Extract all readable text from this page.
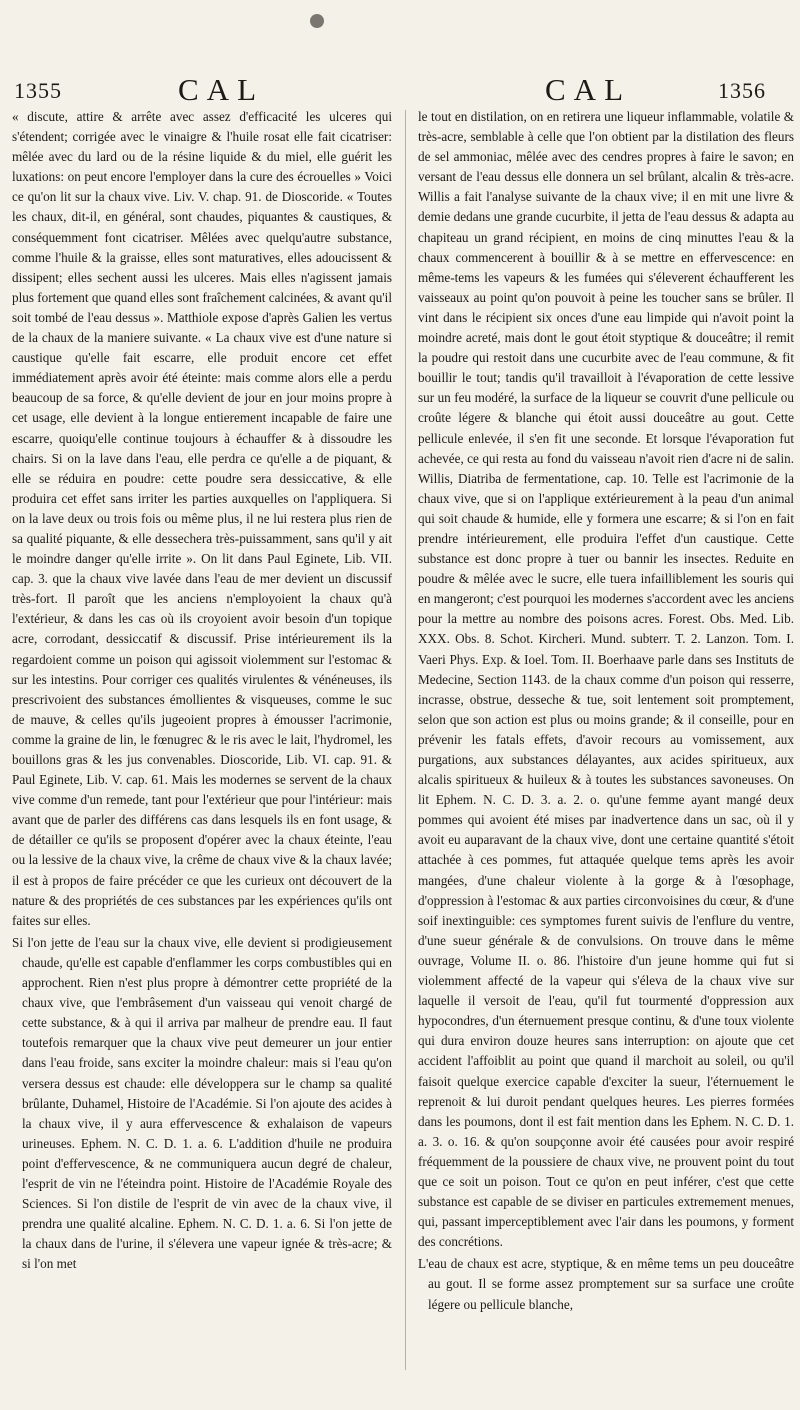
1355	CAL	CAL	1356

« discute, attire & arrête avec assez d'efficacité les ulceres qui s'étendent; corrigée avec le vinaigre & l'huile rosat elle fait cicatriser: mêlée avec du lard ou de la résine liquide & du miel, elle guérit les luxations: on peut encore l'employer dans la cure des écrouelles » Voici ce qu'on lit sur la chaux vive. Liv. V. chap. 91. de Dioscoride. « Toutes les chaux, dit-il, en général, sont chaudes, piquantes & caustiques, & conséquemment font cicatriser. Mêlées avec quelqu'autre substance, comme l'huile & la graisse, elles sont maturatives, elles adoucissent & dissipent; elles sechent aussi les ulceres. Mais elles n'agissent jamais plus fortement que quand elles sont fraîchement calcinées, & avant qu'il soit tombé de l'eau dessus ». Matthiole expose d'après Galien les vertus de la chaux de la maniere suivante. « La chaux vive est d'une nature si caustique qu'elle fait escarre, elle produit encore cet effet immédiatement après avoir été éteinte: mais comme alors elle a perdu beaucoup de sa force, & qu'elle devient de jour en jour moins propre à cet usage, elle devient à la longue entierement incapable de faire une escarre, quoiqu'elle continue toujours à échauffer & à dissoudre les chairs. Si on la lave dans l'eau, elle perdra ce qu'elle a de piquant, & elle se réduira en poudre: cette poudre sera dessiccative, & elle produira cet effet sans irriter les parties auxquelles on l'appliquera. Si on la lave deux ou trois fois ou même plus, il ne lui restera plus rien de sa qualité piquante, & elle dessechera très-puissamment, sans qu'il y ait le moindre danger qu'elle irrite ». On lit dans Paul Eginete, Lib. VII. cap. 3. que la chaux vive lavée dans l'eau de mer devient un discussif très-fort. Il paroît que les anciens n'employoient la chaux qu'à l'extérieur, & dans les cas où ils croyoient avoir besoin d'un topique acre, corrodant, dessiccatif & discussif. Prise intérieurement ils la regardoient comme un poison qui agissoit violemment sur l'estomac & sur les intestins. Pour corriger ces qualités virulentes & vénéneuses, ils prescrivoient des substances émollientes & visqueuses, comme le suc de mauve, & celles qu'ils jugeoient propres à émousser l'acrimonie, comme la graine de lin, le fœnugrec & le ris avec le lait, l'hydromel, les bouillons gras & les jus convenables. Dioscoride, Lib. VI. cap. 91. & Paul Eginete, Lib. V. cap. 61. Mais les modernes se servent de la chaux vive comme d'un remede, tant pour l'extérieur que pour l'intérieur: mais avant que de parler des différens cas dans lesquels ils en font usage, & de détailler ce qu'ils se proposent d'opérer avec la chaux éteinte, l'eau ou la lessive de la chaux vive, la crême de chaux vive & la chaux lavée; il est à propos de faire précéder ce que les curieux ont découvert de la nature & des propriétés de ces substances par les expériences qu'ils ont faites sur elles.

Si l'on jette de l'eau sur la chaux vive, elle devient si prodigieusement chaude, qu'elle est capable d'enflammer les corps combustibles qui en approchent. Rien n'est plus propre à démontrer cette propriété de la chaux vive, que l'embrâsement d'un vaisseau qui venoit chargé de cette substance, & à qui il arriva par malheur de prendre eau. Il faut toutefois remarquer que la chaux vive peut demeurer un jour entier dans l'eau froide, sans exciter la moindre chaleur: mais si l'eau qu'on versera dessus est chaude: elle développera sur le champ sa qualité brûlante, Duhamel, Histoire de l'Académie. Si l'on ajoute des acides à la chaux vive, il y aura effervescence & exhalaison de vapeurs urineuses. Ephem. N. C. D. 1. a. 6. L'addition d'huile ne produira point d'effervescence, & ne communiquera aucun degré de chaleur, l'esprit de vin ne l'éteindra point. Histoire de l'Académie Royale des Sciences. Si l'on distile de l'esprit de vin avec de la chaux vive, il prendra une qualité alcaline. Ephem. N. C. D. 1. a. 6. Si l'on jette de la chaux dans de l'urine, il s'élevera une vapeur ignée & très-acre; & si l'on met

le tout en distilation, on en retirera une liqueur inflammable, volatile & très-acre, semblable à celle que l'on obtient par la distilation des fleurs de sel ammoniac, mêlée avec des cendres propres à faire le savon; en versant de l'eau dessus elle donnera un sel brûlant, alcalin & très-acre. Willis a fait l'analyse suivante de la chaux vive; il en mit une livre & demie dedans une grande cucurbite, il jetta de l'eau dessus & adapta au chapiteau un grand récipient, en moins de cinq minuttes l'eau & la chaux commencerent à bouillir & à se mettre en effervescence: en même-tems les vapeurs & les fumées qui s'éleverent échaufferent les vaisseaux au point qu'on pouvoit à peine les toucher sans se brûler. Il vint dans le récipient six onces d'une eau limpide qui n'avoit point la moindre acreté, mais dont le gout étoit styptique & douceâtre; il remit la poudre qui restoit dans une cucurbite avec de l'eau commune, & fit bouillir le tout; tandis qu'il travailloit à l'évaporation de cette lessive sur un feu modéré, la surface de la liqueur se couvrit d'une pellicule ou croûte légere & blanche qui étoit aussi douceâtre au gout. Cette pellicule enlevée, il s'en fit une seconde. Et lorsque l'évaporation fut achevée, ce qui resta au fond du vaisseau n'avoit rien d'acre ni de salin. Willis, Diatriba de fermentatione, cap. 10. Telle est l'acrimonie de la chaux vive, que si on l'applique extérieurement à la peau d'un animal qui soit chaude & humide, elle y formera une escarre; & si l'on en fait prendre intérieurement, elle produira l'effet d'un caustique. Cette substance est donc propre à tuer ou bannir les insectes. Reduite en poudre & mêlée avec le sucre, elle tuera infailliblement les souris qui en mangeront; c'est pourquoi les modernes s'accordent avec les anciens pour la mettre au nombre des poisons acres. Forest. Obs. Med. Lib. XXX. Obs. 8. Schot. Kircheri. Mund. subterr. T. 2. Lanzon. Tom. I. Vaeri Phys. Exp. & Ioel. Tom. II. Boerhaave parle dans ses Instituts de Medecine, Section 1143. de la chaux comme d'un poison qui resserre, incrasse, obstrue, desseche & tue, soit lentement soit promptement, selon que son action est plus ou moins grande; & il conseille, pour en prévenir les fatals effets, d'avoir recours au vomissement, aux purgations, aux substances délayantes, aux acides spiritueux, aux alcalis spiritueux & huileux & à toutes les substances savoneuses. On lit Ephem. N. C. D. 3. a. 2. o. qu'une femme ayant mangé deux pommes qui avoient été mises par inadvertence dans un sac, où il y avoit eu auparavant de la chaux vive, dont une certaine quantité s'étoit attachée à ces pommes, fut attaquée quelque tems après les avoir mangées, d'une chaleur violente à la gorge & à l'œsophage, d'oppression à l'estomac & aux parties circonvoisines du cœur, & d'une soif inextinguible: ces symptomes furent suivis de l'enflure du ventre, d'une sueur générale & de convulsions. On trouve dans le même ouvrage, Volume II. o. 86. l'histoire d'un jeune homme qui fut si violemment affecté de la vapeur qui s'éleva de la chaux vive sur laquelle il versoit de l'eau, qu'il fut tourmenté d'oppression aux hypocondres, d'un éternuement presque continu, & d'une toux violente qui dura environ douze heures sans interruption: on ajoute que cet accident l'affoiblit au point que quand il marchoit au soleil, ou qu'il faisoit quelque exercice capable d'exciter la sueur, l'éternuement le reprenoit & lui duroit pendant quelques heures. Les pierres formées dans les poumons, dont il est fait mention dans les Ephem. N. C. D. 1. a. 3. o. 16. & qu'on soupçonne avoir été causées pour avoir respiré fréquemment de la poussiere de chaux vive, ne prouvent point du tout que ce soit un poison. Tout ce qu'on en peut inférer, c'est que cette substance est capable de se diviser en particules extremement menues, qui, passant imperceptiblement avec l'air dans les poumons, y forment des concrétions.

L'eau de chaux est acre, styptique, & en même tems un peu douceâtre au gout. Il se forme assez promptement sur sa surface une croûte légere ou pellicule blanche,
